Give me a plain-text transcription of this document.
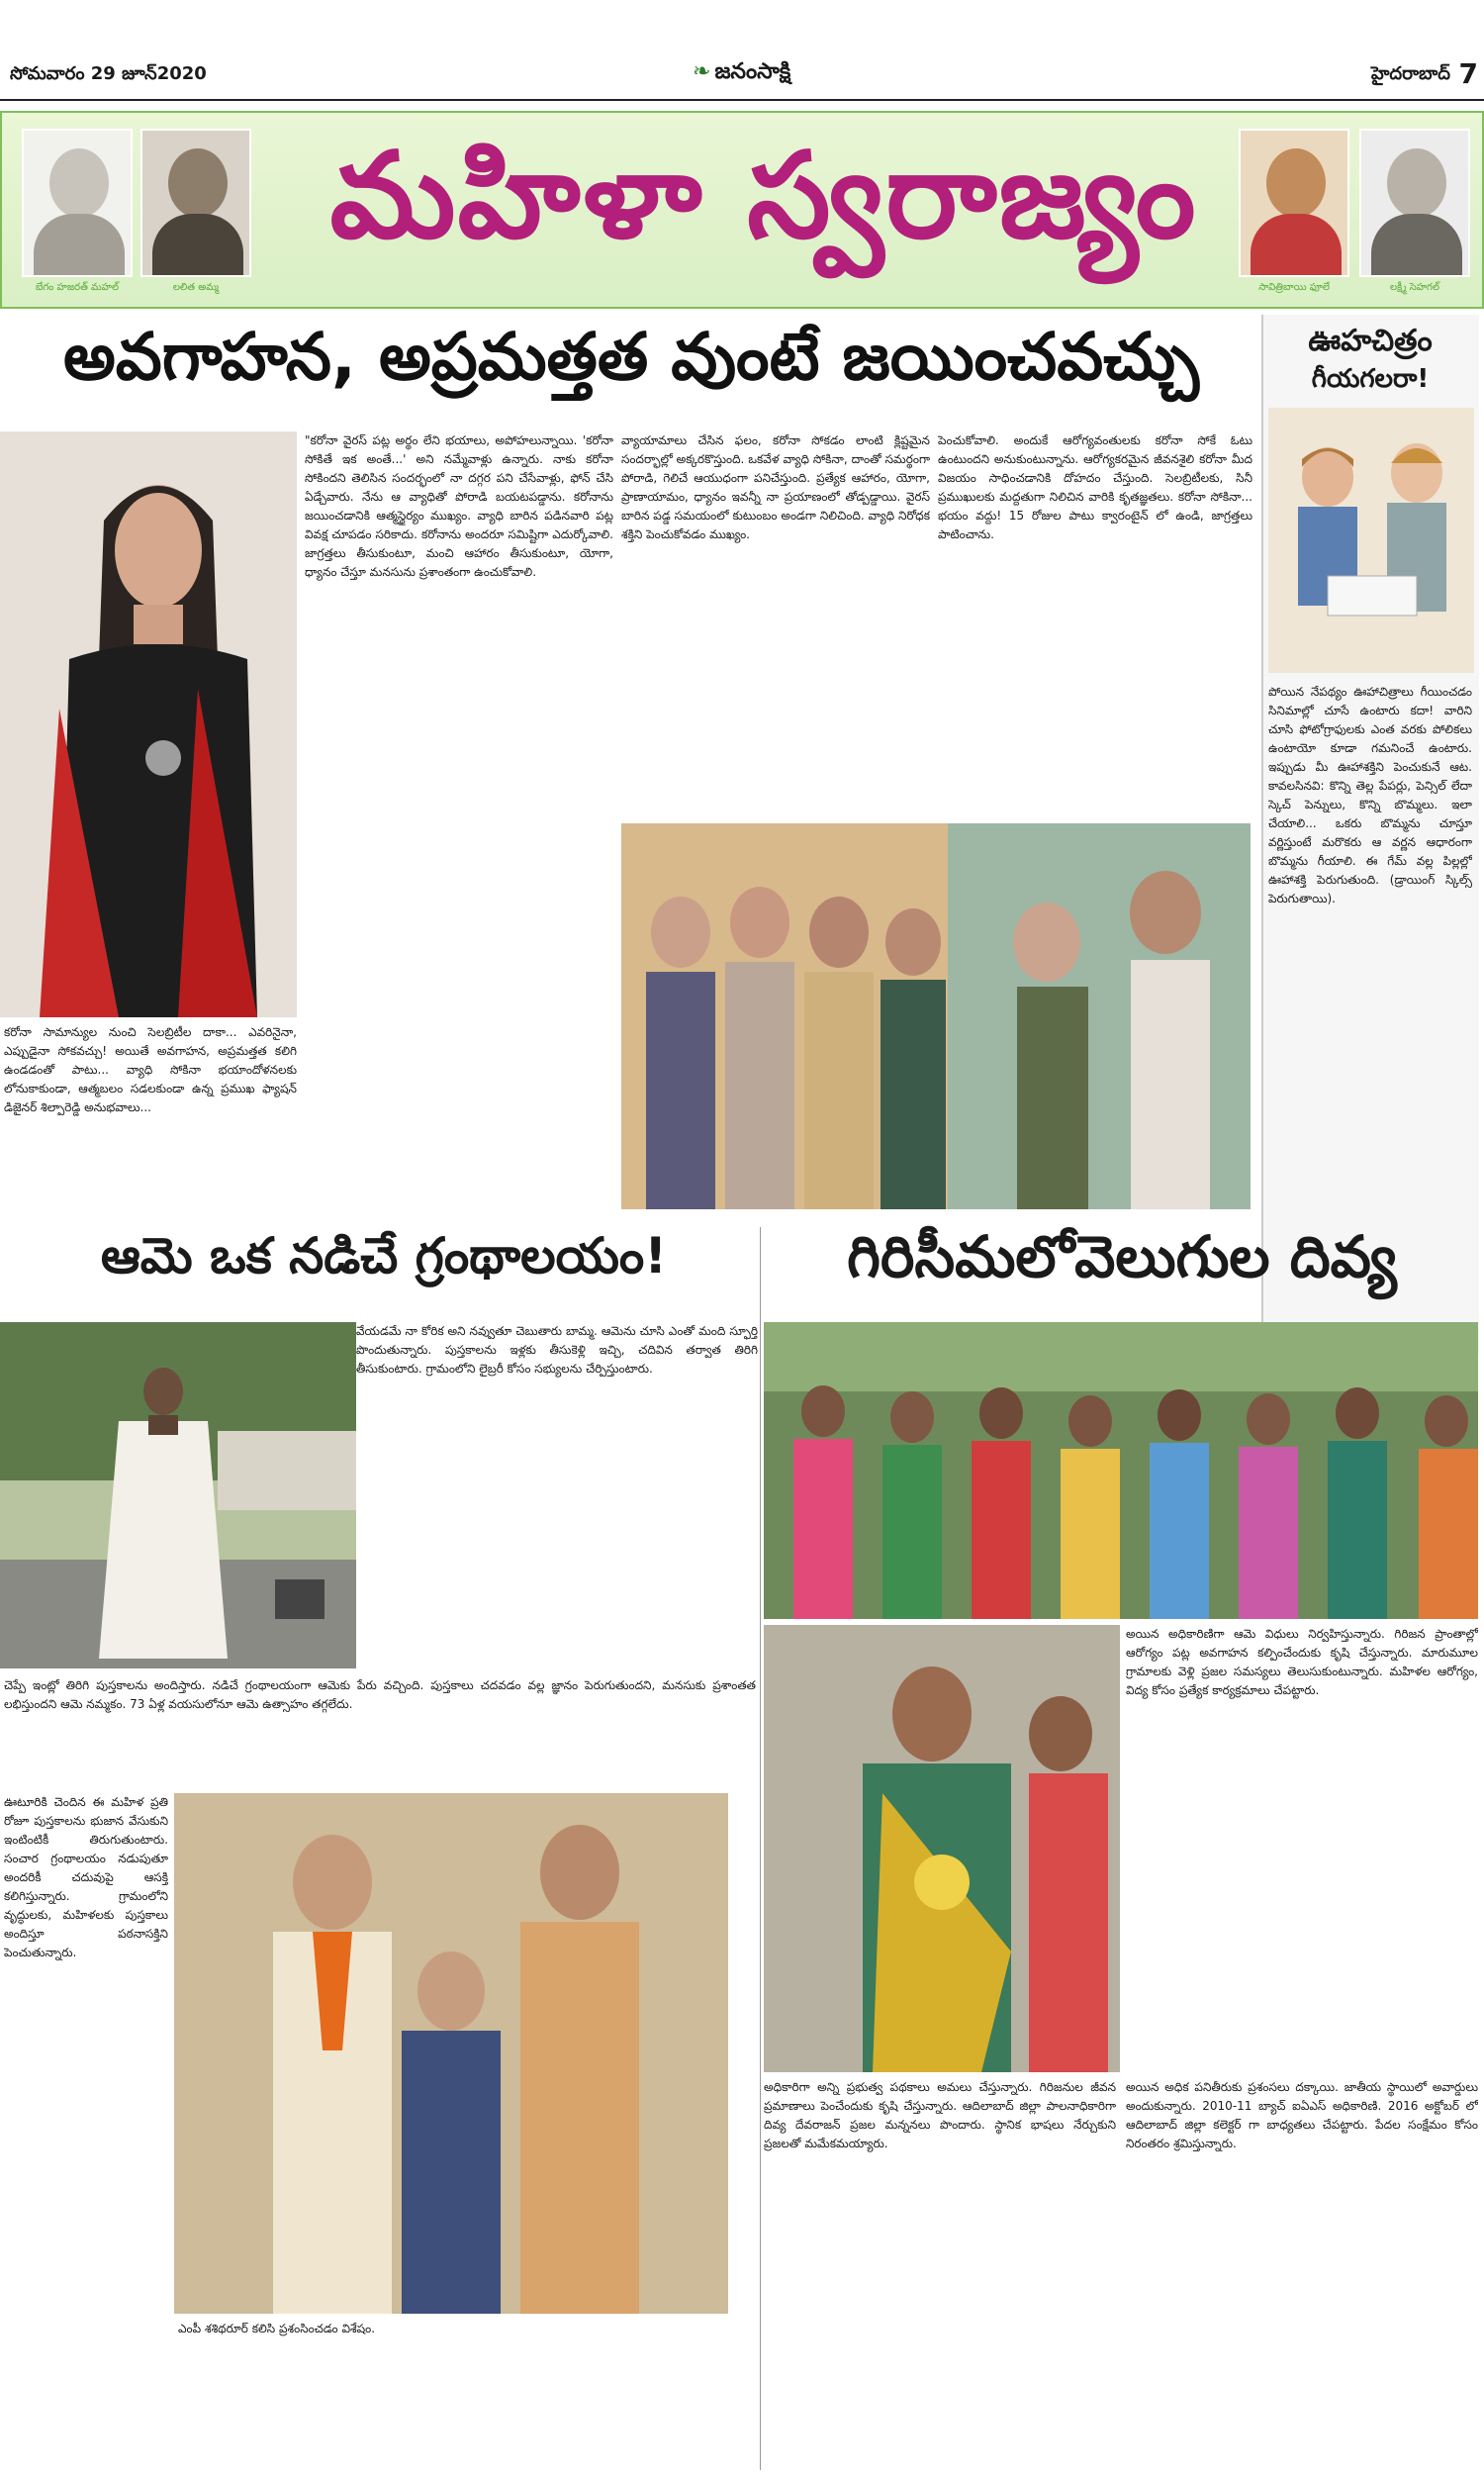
సోమవారం 29 జూన్2020	❧ జనంసాక్షి	హైదరాబాద్ 7
బేగం హజరత్ మహల్	లలిత అమ్మ
మహిళా స్వరాజ్యం
సావిత్రిబాయి ఫూలే	లక్ష్మీ సెహగల్
అవగాహన, అప్రమత్తత వుంటే జయించవచ్చు
కరోనా సామాన్యుల నుంచి సెలబ్రిటీల దాకా... ఎవరినైనా, ఎప్పుడైనా సోకవచ్చు! అయితే అవగాహన, అప్రమత్తత కలిగి ఉండడంతో పాటు... వ్యాధి సోకినా భయాందోళనలకు లోనుకాకుండా, ఆత్మబలం సడలకుండా ఉన్న ప్రముఖ ఫ్యాషన్ డిజైనర్ శిల్పారెడ్డి అనుభవాలు...
"కరోనా వైరస్ పట్ల అర్థం లేని భయాలు, అపోహలున్నాయి. 'కరోనా సోకితే ఇక అంతే...' అని నమ్మేవాళ్లు ఉన్నారు. నాకు కరోనా సోకిందని తెలిసిన సందర్భంలో నా దగ్గర పని చేసేవాళ్లు, ఫోన్ చేసి ఏడ్చేవారు. నేను ఆ వ్యాధితో పోరాడి బయటపడ్డాను. కరోనాను జయించడానికి ఆత్మస్థైర్యం ముఖ్యం. వ్యాధి బారిన పడినవారి పట్ల వివక్ష చూపడం సరికాదు. కరోనాను అందరూ సమిష్టిగా ఎదుర్కోవాలి. జాగ్రత్తలు తీసుకుంటూ, మంచి ఆహారం తీసుకుంటూ, యోగా, ధ్యానం చేస్తూ మనసును ప్రశాంతంగా ఉంచుకోవాలి.
వ్యాయామాలు చేసిన ఫలం, కరోనా సోకడం లాంటి క్లిష్టమైన సందర్భాల్లో అక్కరకొస్తుంది. ఒకవేళ వ్యాధి సోకినా, దాంతో సమర్థంగా పోరాడి, గెలిచే ఆయుధంగా పనిచేస్తుంది. ప్రత్యేక ఆహారం, యోగా, ప్రాణాయామం, ధ్యానం ఇవన్నీ నా ప్రయాణంలో తోడ్పడ్డాయి. వైరస్ బారిన పడ్డ సమయంలో కుటుంబం అండగా నిలిచింది. వ్యాధి నిరోధక శక్తిని పెంచుకోవడం ముఖ్యం.
పెంచుకోవాలి. అందుకే ఆరోగ్యవంతులకు కరోనా సోకే ఓటు ఉంటుందని అనుకుంటున్నాను. ఆరోగ్యకరమైన జీవనశైలి కరోనా మీద విజయం సాధించడానికి దోహదం చేస్తుంది. సెలబ్రిటీలకు, సినీ ప్రముఖులకు మద్దతుగా నిలిచిన వారికి కృతజ్ఞతలు. కరోనా సోకినా... భయం వద్దు! 15 రోజుల పాటు క్వారంటైన్ లో ఉండి, జాగ్రత్తలు పాటించాను.
ఊహచిత్రం
గీయగలరా!
పోయిన నేపథ్యం ఊహాచిత్రాలు గీయించడం సినిమాల్లో చూసే ఉంటారు కదా! వారిని చూసి ఫోటోగ్రాఫులకు ఎంత వరకు పోలికలు ఉంటాయో కూడా గమనించే ఉంటారు. ఇప్పుడు మీ ఊహాశక్తిని పెంచుకునే ఆట. కావలసినవి: కొన్ని తెల్ల పేపర్లు, పెన్సిల్ లేదా స్కెచ్ పెన్నులు, కొన్ని బొమ్మలు. ఇలా చేయాలి... ఒకరు బొమ్మను చూస్తూ వర్ణిస్తుంటే మరొకరు ఆ వర్ణన ఆధారంగా బొమ్మను గీయాలి. ఈ గేమ్ వల్ల పిల్లల్లో ఊహాశక్తి పెరుగుతుంది. (డ్రాయింగ్ స్కిల్స్ పెరుగుతాయి).
ఆమె ఒక నడిచే గ్రంథాలయం!	గిరిసీమలోవెలుగుల దివ్య
వేయడమే నా కోరిక అని నవ్వుతూ చెబుతారు బామ్మ. ఆమెను చూసి ఎంతో మంది స్ఫూర్తి పొందుతున్నారు. పుస్తకాలను ఇళ్లకు తీసుకెళ్లి ఇచ్చి, చదివిన తర్వాత తిరిగి తీసుకుంటారు. గ్రామంలోని లైబ్రరీ కోసం సభ్యులను చేర్పిస్తుంటారు.
చెప్పే ఇంట్లో తిరిగి పుస్తకాలను అందిస్తారు. నడిచే గ్రంథాలయంగా ఆమెకు పేరు వచ్చింది. పుస్తకాలు చదవడం వల్ల జ్ఞానం పెరుగుతుందని, మనసుకు ప్రశాంతత లభిస్తుందని ఆమె నమ్మకం. 73 ఏళ్ల వయసులోనూ ఆమె ఉత్సాహం తగ్గలేదు.
ఊటూరికి చెందిన ఈ మహిళ ప్రతి రోజూ పుస్తకాలను భుజాన వేసుకుని ఇంటింటికీ తిరుగుతుంటారు. సంచార గ్రంథాలయం నడుపుతూ అందరికీ చదువుపై ఆసక్తి కలిగిస్తున్నారు. గ్రామంలోని వృద్ధులకు, మహిళలకు పుస్తకాలు అందిస్తూ పఠనాసక్తిని పెంచుతున్నారు.
ఎంపీ శశిథరూర్ కలిసి ప్రశంసించడం విశేషం.
అయిన అధికారిణిగా ఆమె విధులు నిర్వహిస్తున్నారు. గిరిజన ప్రాంతాల్లో ఆరోగ్యం పట్ల అవగాహన కల్పించేందుకు కృషి చేస్తున్నారు. మారుమూల గ్రామాలకు వెళ్లి ప్రజల సమస్యలు తెలుసుకుంటున్నారు. మహిళల ఆరోగ్యం, విద్య కోసం ప్రత్యేక కార్యక్రమాలు చేపట్టారు.
అధికారిగా అన్ని ప్రభుత్వ పథకాలు అమలు చేస్తున్నారు. గిరిజనుల జీవన ప్రమాణాలు పెంచేందుకు కృషి చేస్తున్నారు. ఆదిలాబాద్ జిల్లా పాలనాధికారిగా దివ్య దేవరాజన్ ప్రజల మన్ననలు పొందారు. స్థానిక భాషలు నేర్చుకుని ప్రజలతో మమేకమయ్యారు.
అయిన అధిక పనితీరుకు ప్రశంసలు దక్కాయి. జాతీయ స్థాయిలో అవార్డులు అందుకున్నారు. 2010-11 బ్యాచ్ ఐఏఎస్ అధికారిణి. 2016 అక్టోబర్ లో ఆదిలాబాద్ జిల్లా కలెక్టర్ గా బాధ్యతలు చేపట్టారు. పేదల సంక్షేమం కోసం నిరంతరం శ్రమిస్తున్నారు.
